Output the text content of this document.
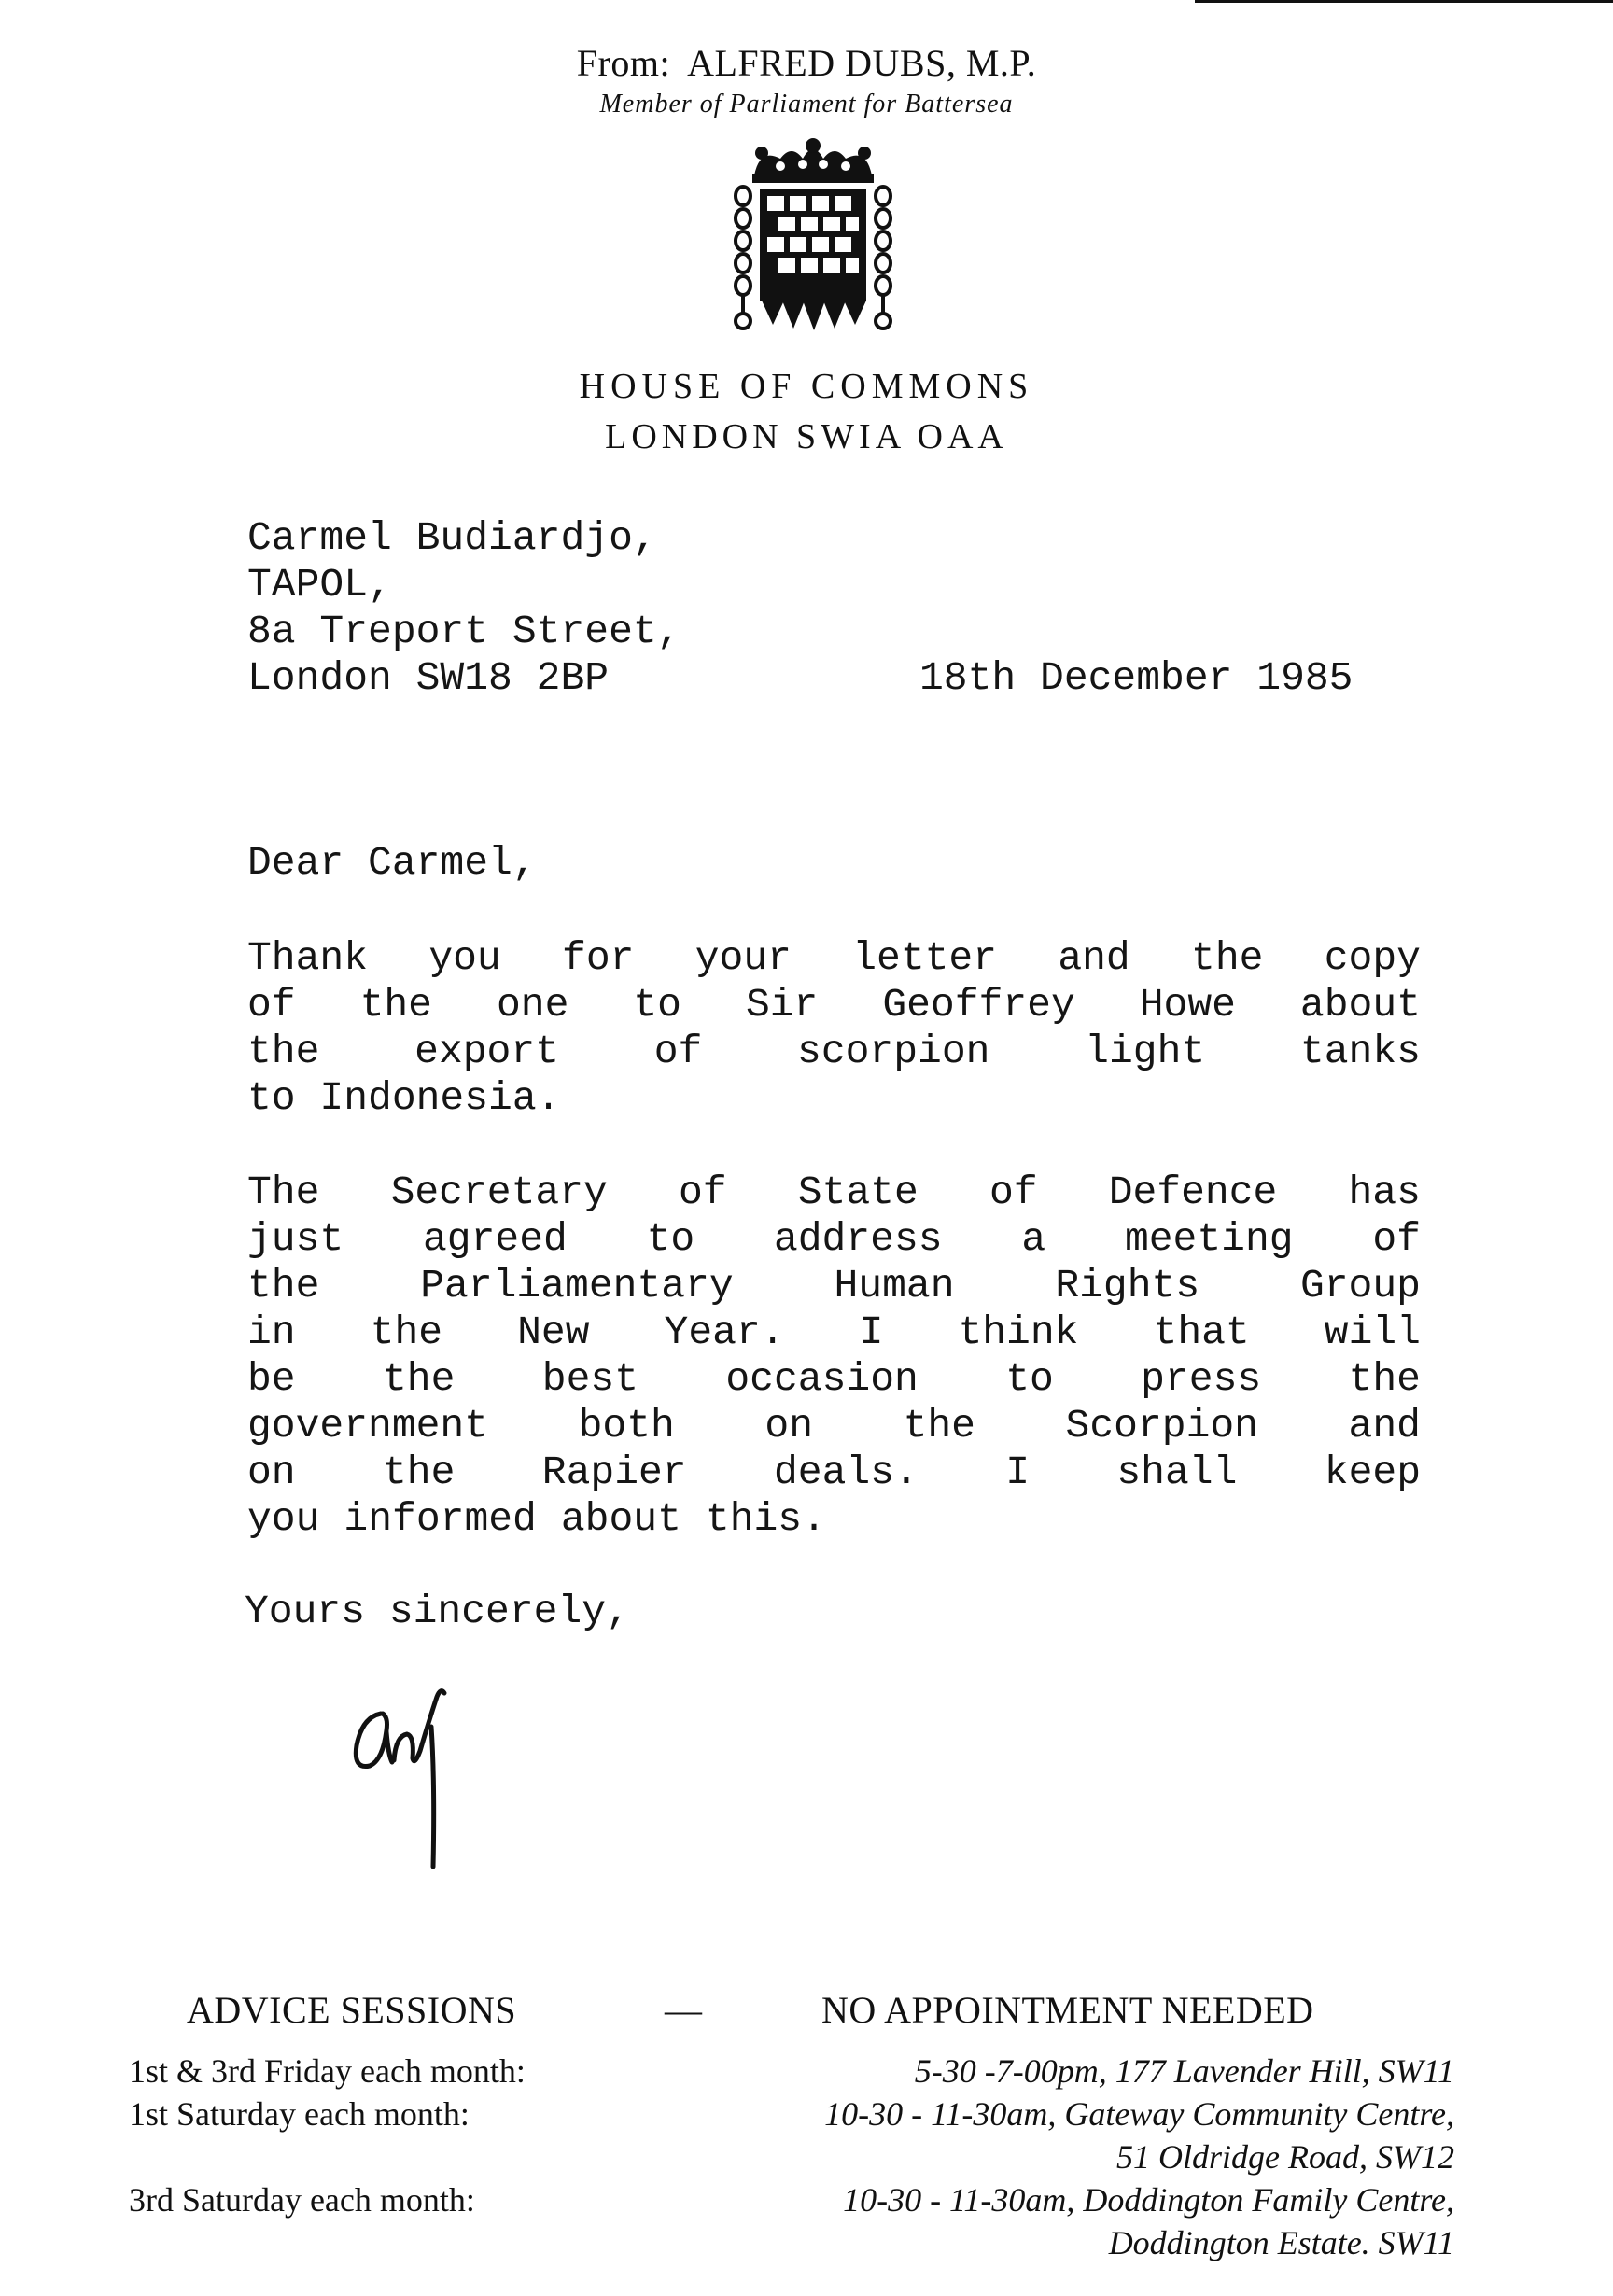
From: ALFRED DUBS, M.P.
Member of Parliament for Battersea
HOUSE OF COMMONS
LONDON SWIA OAA
Carmel Budiardjo,
TAPOL,
8a Treport Street,
London SW18 2BP	18th December 1985
Dear Carmel,
Thank you for your letter and the copy
of the one to Sir Geoffrey Howe about
the export of scorpion light tanks
to Indonesia.
The Secretary of State of Defence has
just agreed to address a meeting of
the	Parliamentary	Human	Rights	Group
in the New Year. I think that will
be the best occasion to press the
government both on the Scorpion and
on the Rapier deals. I shall keep
you informed about this.
Yours sincerely,
ADVICE SESSIONS	—	NO APPOINTMENT NEEDED
1st & 3rd Friday each month:	5-30 -7-00pm, 177 Lavender Hill, SW11
1st Saturday each month:	10-30 - 11-30am, Gateway Community Centre,
51 Oldridge Road, SW12
3rd Saturday each month:	10-30 - 11-30am, Doddington Family Centre,
Doddington Estate. SW11
